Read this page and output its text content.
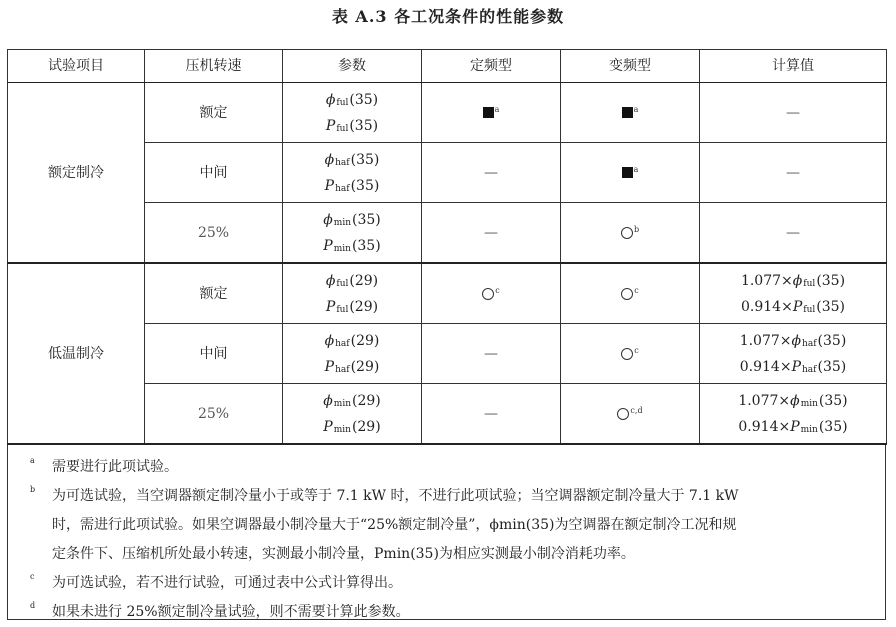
表 A.3 各工况条件的性能参数
试验项目	压机转速	参数	定频型	变频型	计算值
额定制冷	额定	$\phi_{ful}(35)$
$P_{ful}(35)$	$^a$	$^a$	—

	中间	$\phi_{haf}(35)$
$P_{haf}(35)$	—	$^a$	—

	25%	$\phi_{min}(35)$
$P_{min}(35)$	—	$^b$	—

低温制冷	额定	$\phi_{ful}(29)$
$P_{ful}(29)$	$^c$	$^c$	$1.077\times\phi_{ful}(35)$
$0.914\times P_{ful}(35)$

	中间	$\phi_{haf}(29)$
$P_{haf}(29)$	—	$^c$	$1.077\times\phi_{haf}(35)$
$0.914\times P_{haf}(35)$

	25%	$\phi_{min}(29)$
$P_{min}(29)$	—	$^{c,d}$	$1.077\times\phi_{min}(35)$
$0.914\times P_{min}(35)$
a 需要进行此项试验。
b 为可选试验，当空调器额定制冷量小于或等于 7.1 kW 时，不进行此项试验；当空调器额定制冷量大于 7.1 kW
时，需进行此项试验。如果空调器最小制冷量大于“25%额定制冷量”，ϕmin(35)为空调器在额定制冷工况和规
定条件下、压缩机所处最小转速，实测最小制冷量，Pmin(35)为相应实测最小制冷消耗功率。
c 为可选试验，若不进行试验，可通过表中公式计算得出。
d 如果未进行 25%额定制冷量试验，则不需要计算此参数。
